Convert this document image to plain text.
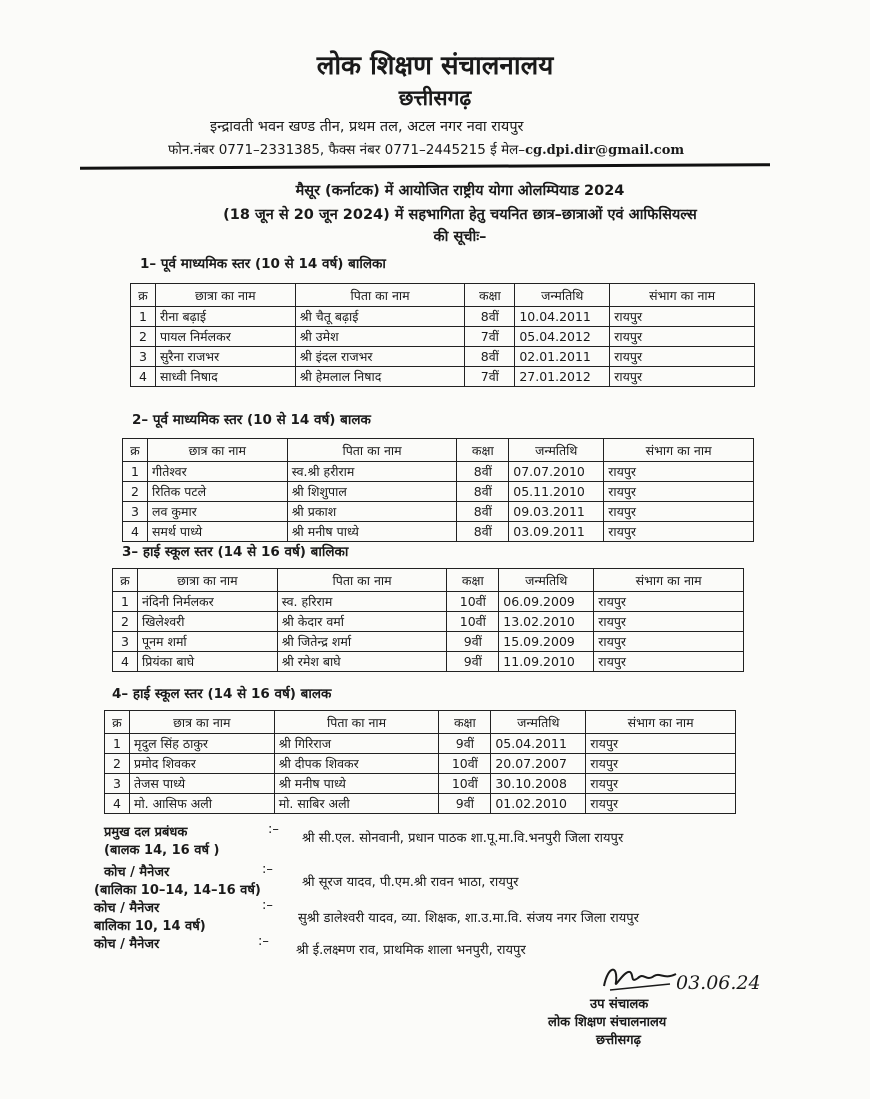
लोक शिक्षण संचालनालय
छत्तीसगढ़
इन्द्रावती भवन खण्ड तीन, प्रथम तल, अटल नगर नवा रायपुर
फोन.नंबर 0771–2331385, फैक्स नंबर 0771–2445215 ई मेल–cg.dpi.dir@gmail.com
मैसूर (कर्नाटक) में आयोजित राष्ट्रीय योगा ओलम्पियाड 2024
(18 जून से 20 जून 2024) में सहभागिता हेतु चयनित छात्र–छात्राओं एवं आफिसियल्स
की सूचीः–
1– पूर्व माध्यमिक स्तर (10 से 14 वर्ष) बालिका
क्र	छात्रा का नाम	पिता का नाम	कक्षा	जन्मतिथि	संभाग का नाम
1	रीना बढ़ाई	श्री चैतू बढ़ाई	8वीं	10.04.2011	रायपुर
2	पायल निर्मलकर	श्री उमेश	7वीं	05.04.2012	रायपुर
3	सुरैना राजभर	श्री इंदल राजभर	8वीं	02.01.2011	रायपुर
4	साध्वी निषाद	श्री हेमलाल निषाद	7वीं	27.01.2012	रायपुर
2– पूर्व माध्यमिक स्तर (10 से 14 वर्ष) बालक
क्र	छात्र का नाम	पिता का नाम	कक्षा	जन्मतिथि	संभाग का नाम
1	गीतेश्वर	स्व.श्री हरीराम	8वीं	07.07.2010	रायपुर
2	रितिक पटले	श्री शिशुपाल	8वीं	05.11.2010	रायपुर
3	लव कुमार	श्री प्रकाश	8वीं	09.03.2011	रायपुर
4	समर्थ पाध्ये	श्री मनीष पाध्ये	8वीं	03.09.2011	रायपुर
3– हाई स्कूल स्तर (14 से 16 वर्ष) बालिका
क्र	छात्रा का नाम	पिता का नाम	कक्षा	जन्मतिथि	संभाग का नाम
1	नंदिनी निर्मलकर	स्व. हरिराम	10वीं	06.09.2009	रायपुर
2	खिलेश्वरी	श्री केदार वर्मा	10वीं	13.02.2010	रायपुर
3	पूनम शर्मा	श्री जितेन्द्र शर्मा	9वीं	15.09.2009	रायपुर
4	प्रियंका बाघे	श्री रमेश बाघे	9वीं	11.09.2010	रायपुर
4– हाई स्कूल स्तर (14 से 16 वर्ष) बालक
क्र	छात्र का नाम	पिता का नाम	कक्षा	जन्मतिथि	संभाग का नाम
1	मृदुल सिंह ठाकुर	श्री गिरिराज	9वीं	05.04.2011	रायपुर
2	प्रमोद शिवकर	श्री दीपक शिवकर	10वीं	20.07.2007	रायपुर
3	तेजस पाध्ये	श्री मनीष पाध्ये	10वीं	30.10.2008	रायपुर
4	मो. आसिफ अली	मो. साबिर अली	9वीं	01.02.2010	रायपुर
प्रमुख दल प्रबंधक
(बालक 14, 16 वर्ष )
:–
श्री सी.एल. सोनवानी, प्रधान पाठक शा.पू.मा.वि.भनपुरी जिला रायपुर
कोच / मैनेजर
(बालिका 10–14, 14–16 वर्ष)
:–
श्री सूरज यादव, पी.एम.श्री रावन भाठा, रायपुर
कोच / मैनेजर
बालिका 10, 14 वर्ष)
:–
सुश्री डालेश्वरी यादव, व्या. शिक्षक, शा.उ.मा.वि. संजय नगर जिला रायपुर
कोच / मैनेजर	:–
श्री ई.लक्ष्मण राव, प्राथमिक शाला भनपुरी, रायपुर
03.06.24
उप संचालक
लोक शिक्षण संचालनालय
छत्तीसगढ़
